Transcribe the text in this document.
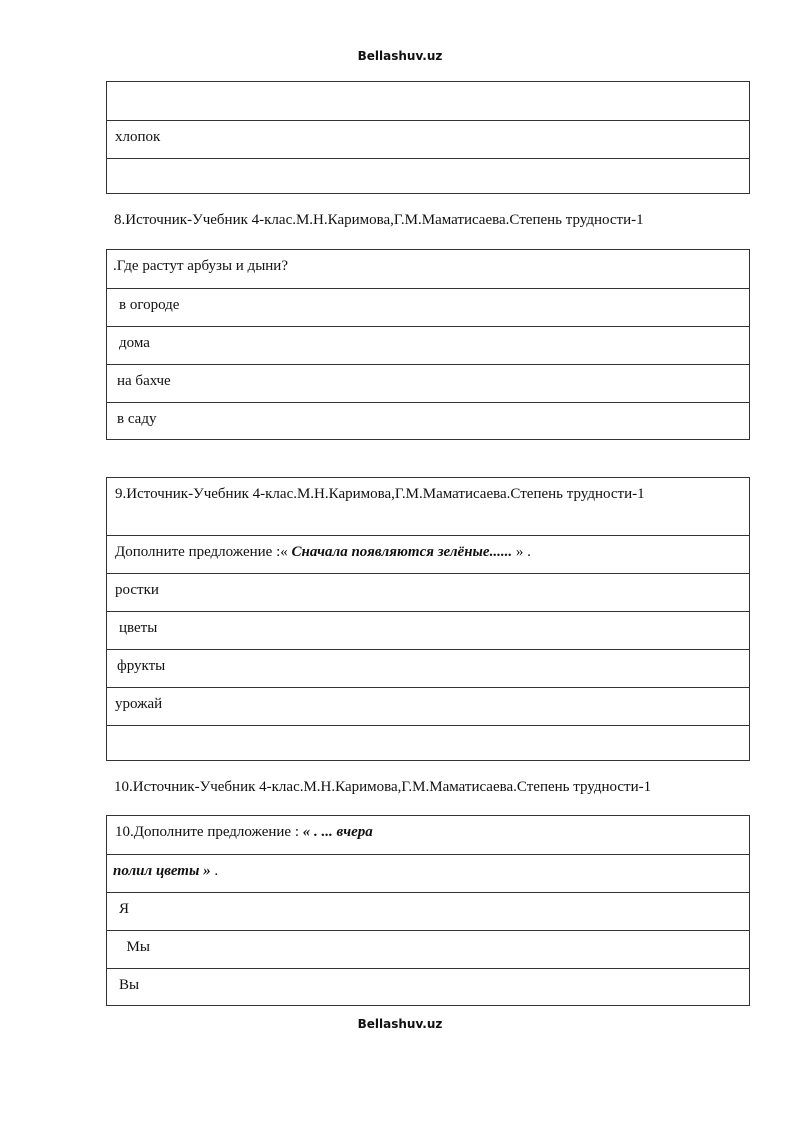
Bellashuv.uz
хлопок
8.Источник-Учебник 4-клас.М.Н.Каримова,Г.М.Маматисаева.Степень трудности-1
.Где растут арбузы и дыни?
в огороде
дома
на бахче
в саду
9.Источник-Учебник 4-клас.М.Н.Каримова,Г.М.Маматисаева.Степень трудности-1
Дополните предложение :« Сначала появляются зелёные...... » .
ростки
цветы
фрукты
урожай
10.Источник-Учебник 4-клас.М.Н.Каримова,Г.М.Маматисаева.Степень трудности-1
10.Дополните предложение : « . ... вчера
полил цветы » .
Я
Мы
Вы
Bellashuv.uz
